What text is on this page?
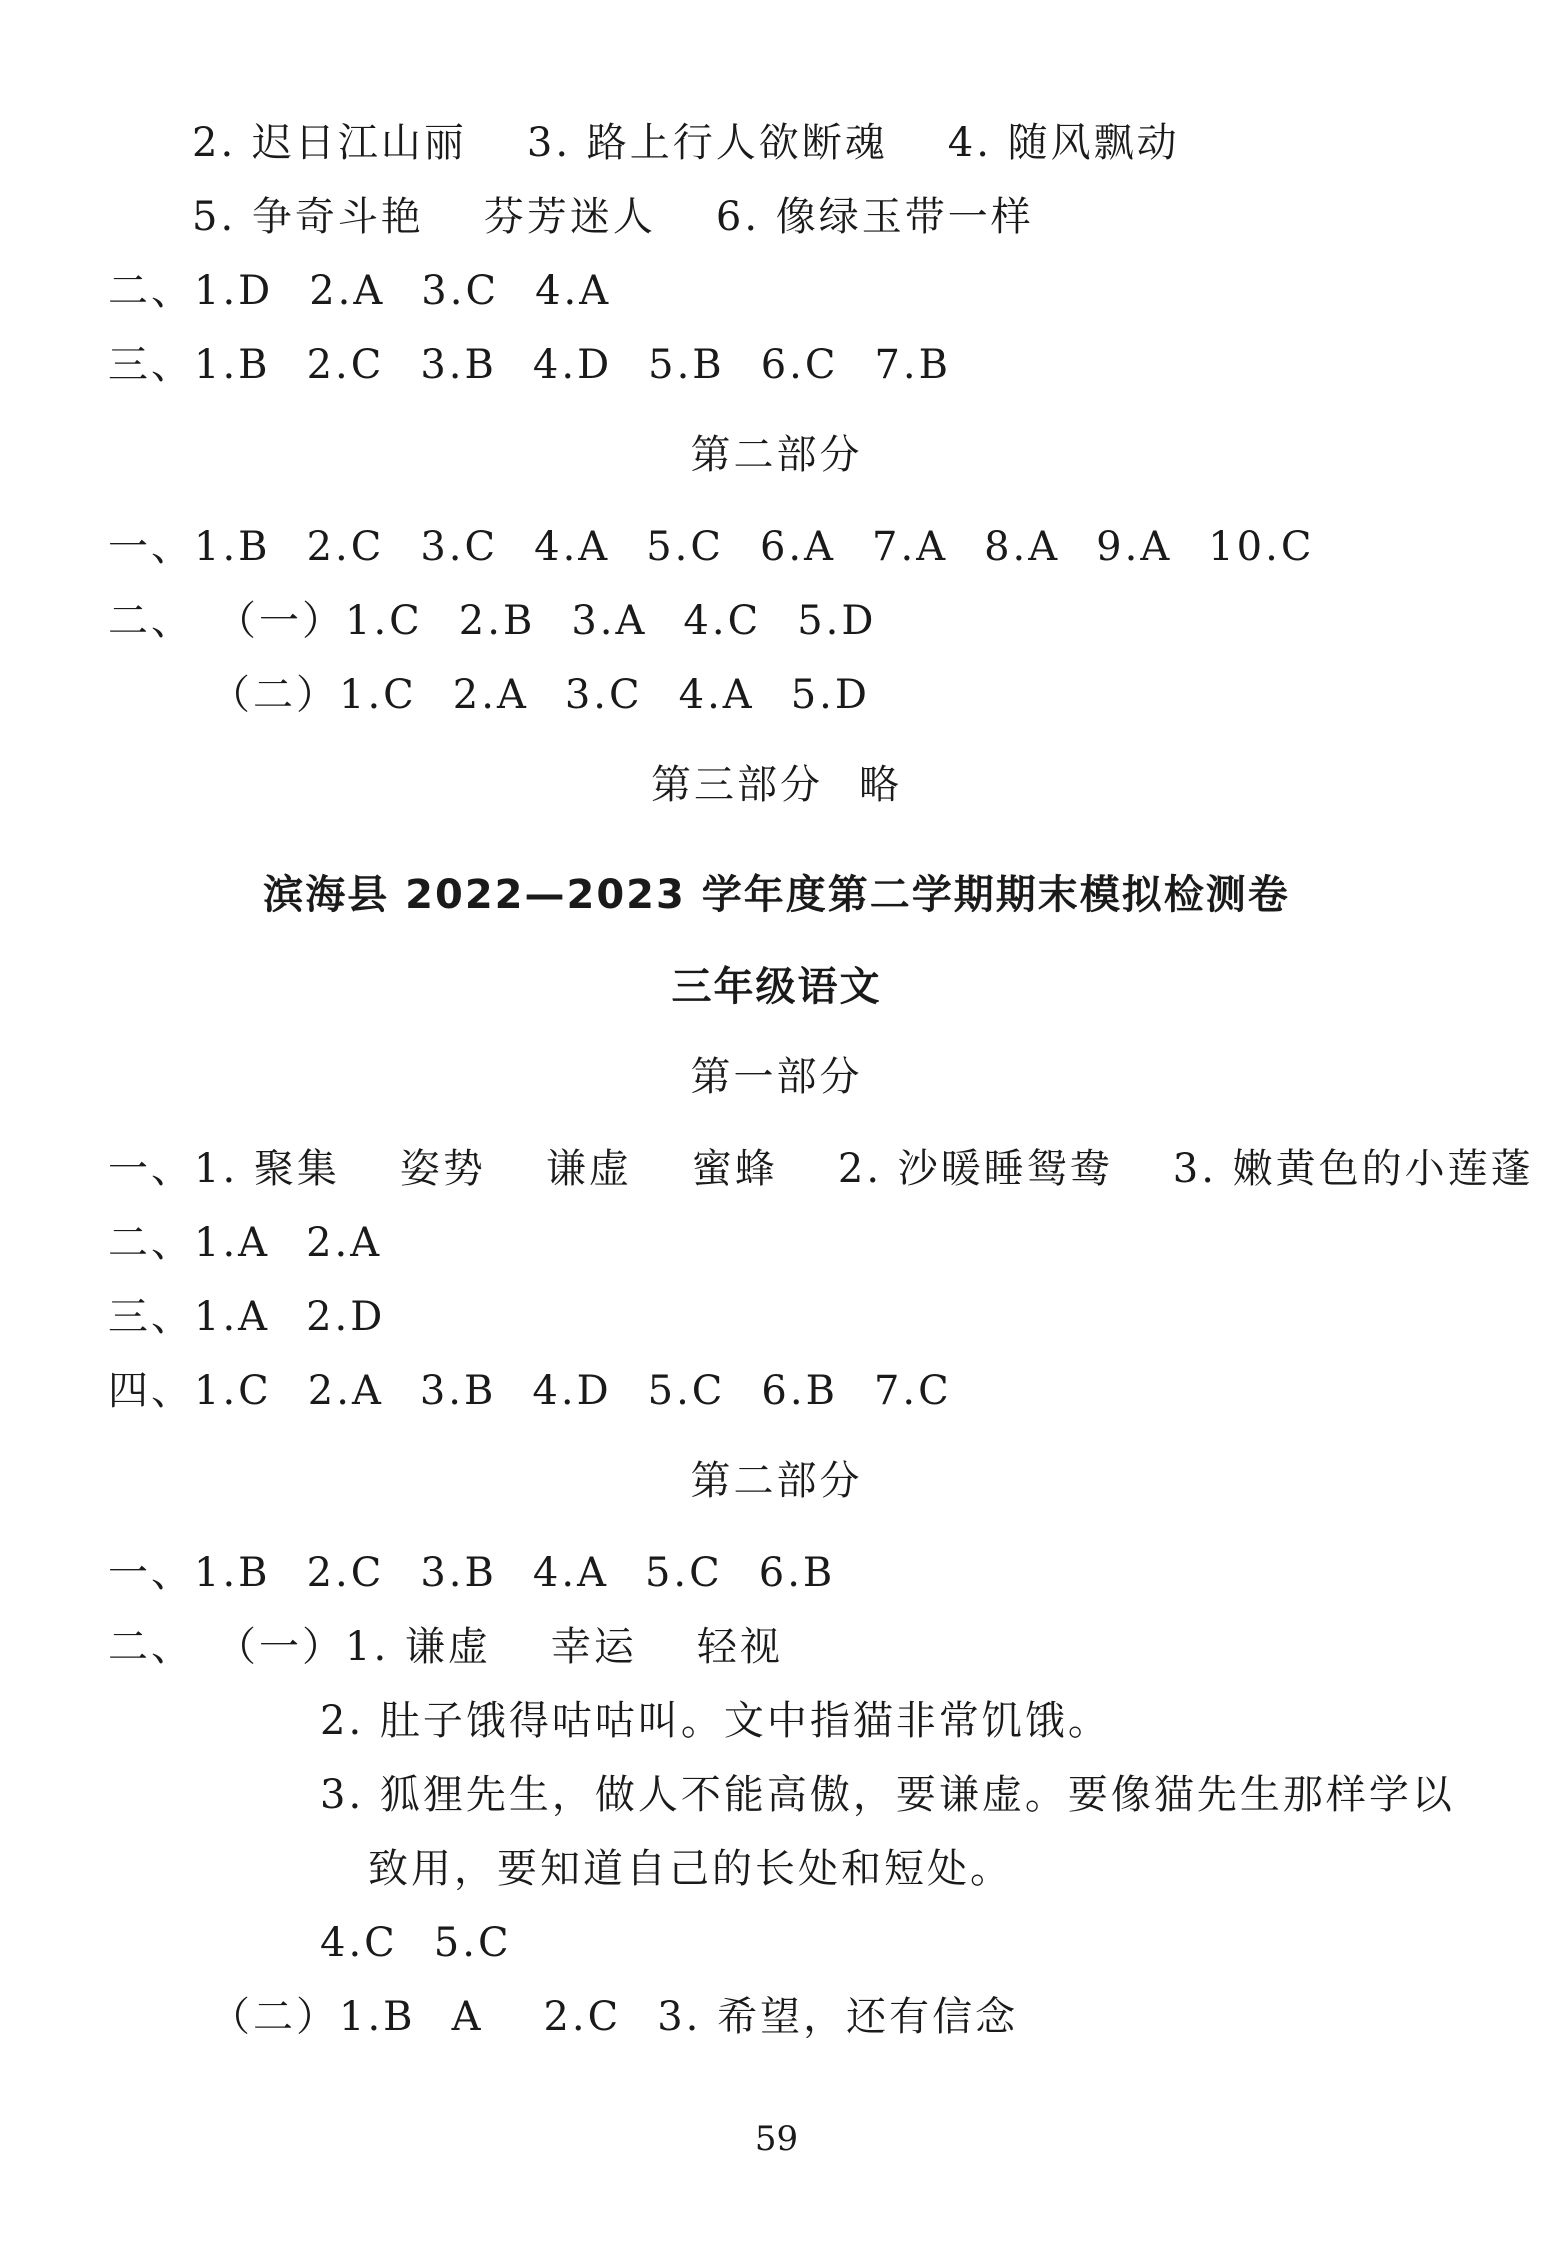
2. 迟日江山丽 3. 路上行人欲断魂 4. 随风飘动
5. 争奇斗艳 芬芳迷人 6. 像绿玉带一样
二、1.D 2.A 3.C 4.A
三、1.B 2.C 3.B 4.D 5.B 6.C 7.B
第二部分
一、1.B 2.C 3.C 4.A 5.C 6.A 7.A 8.A 9.A 10.C
二、 （一）1.C 2.B 3.A 4.C 5.D
（二）1.C 2.A 3.C 4.A 5.D
第三部分 略
滨海县 2022—2023 学年度第二学期期末模拟检测卷
三年级语文
第一部分
一、1. 聚集 姿势 谦虚 蜜蜂 2. 沙暖睡鸳鸯 3. 嫩黄色的小莲蓬
二、1.A 2.A
三、1.A 2.D
四、1.C 2.A 3.B 4.D 5.C 6.B 7.C
第二部分
一、1.B 2.C 3.B 4.A 5.C 6.B
二、 （一）1. 谦虚 幸运 轻视
2. 肚子饿得咕咕叫。文中指猫非常饥饿。
3. 狐狸先生，做人不能高傲，要谦虚。要像猫先生那样学以
致用，要知道自己的长处和短处。
4.C 5.C
（二）1.B A 2.C 3. 希望，还有信念
59
